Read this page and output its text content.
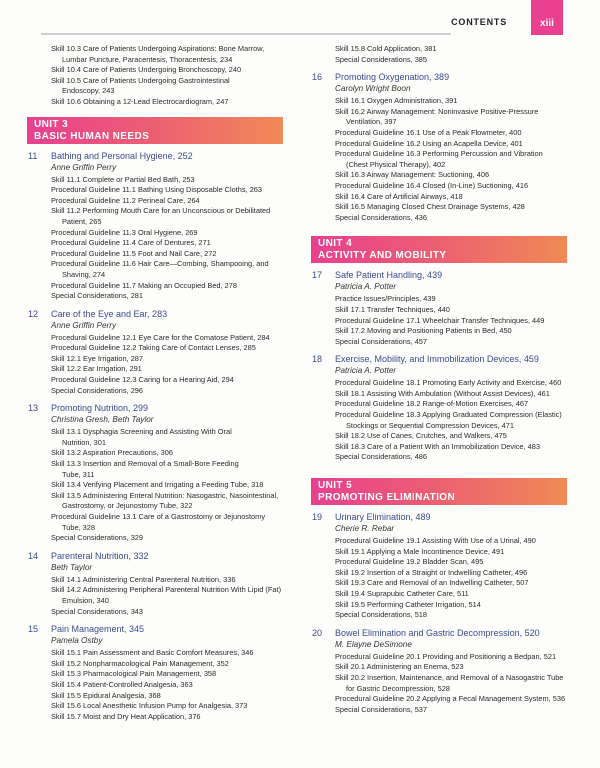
CONTENTS	xiii
Skill 10.3 Care of Patients Undergoing Aspirations: Bone Marrow,
Lumbar Puncture, Paracentesis, Thoracentesis, 234
Skill 10.4 Care of Patients Undergoing Bronchoscopy, 240
Skill 10.5 Care of Patients Undergoing Gastrointestinal
Endoscopy, 243
Skill 10.6 Obtaining a 12-Lead Electrocardiogram, 247
UNIT 3
BASIC HUMAN NEEDS
11	Bathing and Personal Hygiene, 252
Anne Griffin Perry
Skill 11.1 Complete or Partial Bed Bath, 253
Procedural Guideline 11.1 Bathing Using Disposable Cloths, 263
Procedural Guideline 11.2 Perineal Care, 264
Skill 11.2 Performing Mouth Care for an Unconscious or Debilitated
Patient, 265
Procedural Guideline 11.3 Oral Hygiene, 269
Procedural Guideline 11.4 Care of Dentures, 271
Procedural Guideline 11.5 Foot and Nail Care, 272
Procedural Guideline 11.6 Hair Care—Combing, Shampooing, and
Shaving, 274
Procedural Guideline 11.7 Making an Occupied Bed, 278
Special Considerations, 281
12	Care of the Eye and Ear, 283
Anne Griffin Perry
Procedural Guideline 12.1 Eye Care for the Comatose Patient, 284
Procedural Guideline 12.2 Taking Care of Contact Lenses, 285
Skill 12.1 Eye Irrigation, 287
Skill 12.2 Ear Irrigation, 291
Procedural Guideline 12.3 Caring for a Hearing Aid, 294
Special Considerations, 296
13	Promoting Nutrition, 299
Christina Gresh, Beth Taylor
Skill 13.1 Dysphagia Screening and Assisting With Oral
Nutrition, 301
Skill 13.2 Aspiration Precautions, 306
Skill 13.3 Insertion and Removal of a Small-Bore Feeding
Tube, 311
Skill 13.4 Verifying Placement and Irrigating a Feeding Tube, 318
Skill 13.5 Administering Enteral Nutrition: Nasogastric, Nasointestinal,
Gastrostomy, or Jejunostomy Tube, 322
Procedural Guideline 13.1 Care of a Gastrostomy or Jejunostomy
Tube, 328
Special Considerations, 329
14	Parenteral Nutrition, 332
Beth Taylor
Skill 14.1 Administering Central Parenteral Nutrition, 336
Skill 14.2 Administering Peripheral Parenteral Nutrition With Lipid (Fat)
Emulsion, 340
Special Considerations, 343
15	Pain Management, 345
Pamela Ostby
Skill 15.1 Pain Assessment and Basic Comfort Measures, 346
Skill 15.2 Nonpharmacological Pain Management, 352
Skill 15.3 Pharmacological Pain Management, 358
Skill 15.4 Patient-Controlled Analgesia, 363
Skill 15.5 Epidural Analgesia, 368
Skill 15.6 Local Anesthetic Infusion Pump for Analgesia, 373
Skill 15.7 Moist and Dry Heat Application, 376
Skill 15.8 Cold Application, 381
Special Considerations, 385
16	Promoting Oxygenation, 389
Carolyn Wright Boon
Skill 16.1 Oxygen Administration, 391
Skill 16.2 Airway Management: Noninvasive Positive-Pressure
Ventilation, 397
Procedural Guideline 16.1 Use of a Peak Flowmeter, 400
Procedural Guideline 16.2 Using an Acapella Device, 401
Procedural Guideline 16.3 Performing Percussion and Vibration
(Chest Physical Therapy), 402
Skill 16.3 Airway Management: Suctioning, 406
Procedural Guideline 16.4 Closed (In-Line) Suctioning, 416
Skill 16.4 Care of Artificial Airways, 418
Skill 16.5 Managing Closed Chest Drainage Systems, 428
Special Considerations, 436
UNIT 4
ACTIVITY AND MOBILITY
17	Safe Patient Handling, 439
Patricia A. Potter
Practice Issues/Principles, 439
Skill 17.1 Transfer Techniques, 440
Procedural Guideline 17.1 Wheelchair Transfer Techniques, 449
Skill 17.2 Moving and Positioning Patients in Bed, 450
Special Considerations, 457
18	Exercise, Mobility, and Immobilization Devices, 459
Patricia A. Potter
Procedural Guideline 18.1 Promoting Early Activity and Exercise, 460
Skill 18.1 Assisting With Ambulation (Without Assist Devices), 461
Procedural Guideline 18.2 Range-of-Motion Exercises, 467
Procedural Guideline 18.3 Applying Graduated Compression (Elastic)
Stockings or Sequential Compression Devices, 471
Skill 18.2 Use of Canes, Crutches, and Walkers, 475
Skill 18.3 Care of a Patient With an Immobilization Device, 483
Special Considerations, 486
UNIT 5
PROMOTING ELIMINATION
19	Urinary Elimination, 489
Cherie R. Rebar
Procedural Guideline 19.1 Assisting With Use of a Urinal, 490
Skill 19.1 Applying a Male Incontinence Device, 491
Procedural Guideline 19.2 Bladder Scan, 495
Skill 19.2 Insertion of a Straight or Indwelling Catheter, 496
Skill 19.3 Care and Removal of an Indwelling Catheter, 507
Skill 19.4 Suprapubic Catheter Care, 511
Skill 19.5 Performing Catheter Irrigation, 514
Special Considerations, 518
20	Bowel Elimination and Gastric Decompression, 520
M. Elayne DeSimone
Procedural Guideline 20.1 Providing and Positioning a Bedpan, 521
Skill 20.1 Administering an Enema, 523
Skill 20.2 Insertion, Maintenance, and Removal of a Nasogastric Tube
for Gastric Decompression, 528
Procedural Guideline 20.2 Applying a Fecal Management System, 536
Special Considerations, 537
